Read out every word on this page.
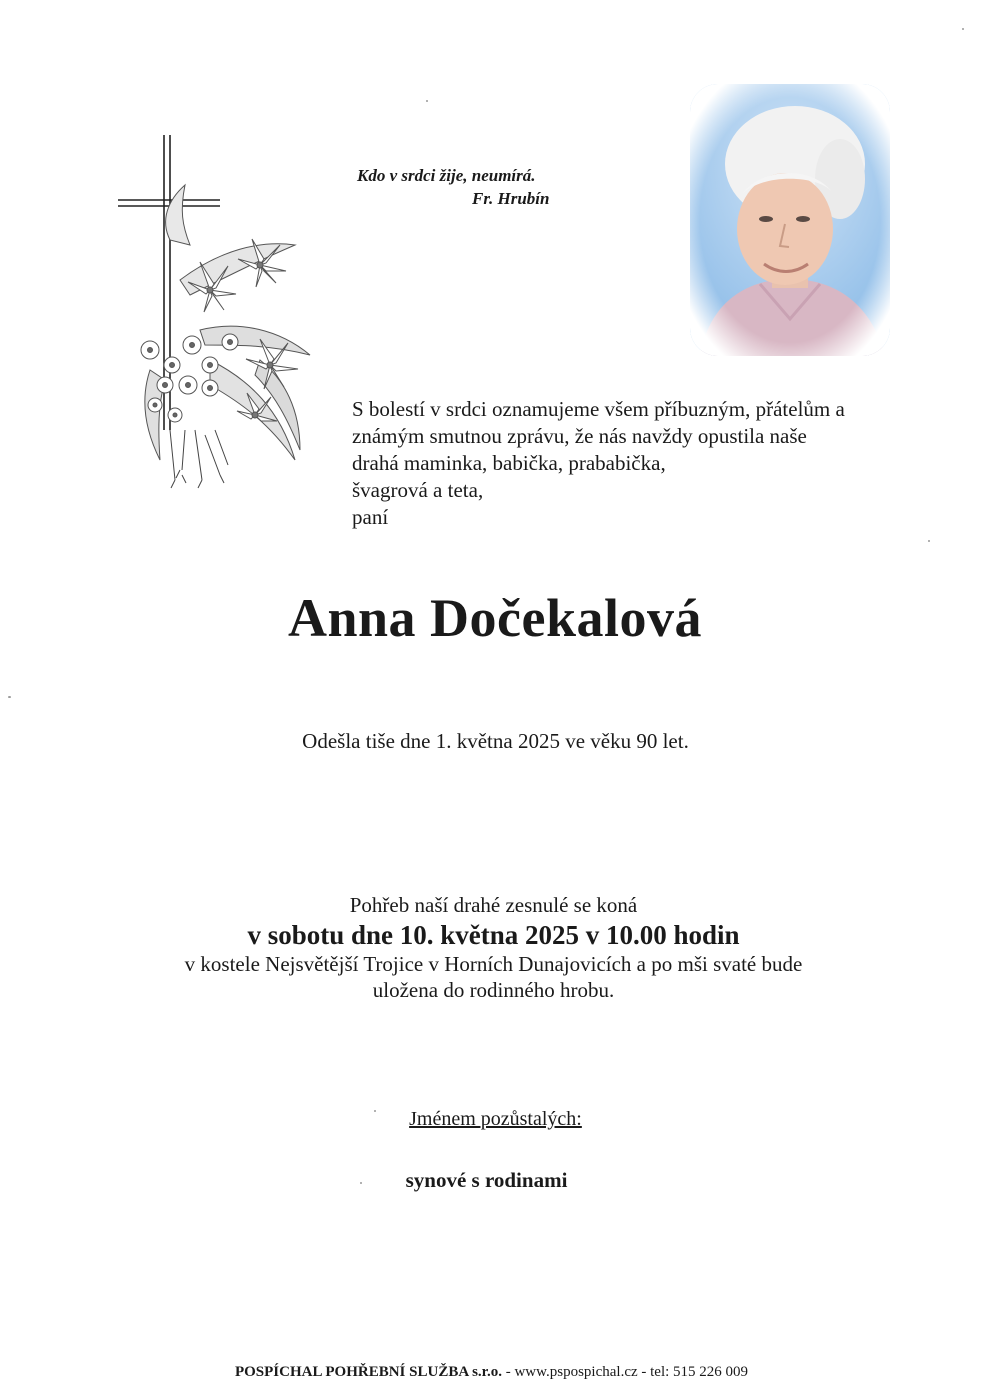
Kdo v srdci žije, neumírá.
Fr. Hrubín
S bolestí v srdci oznamujeme všem příbuzným, přátelům a
známým smutnou zprávu, že nás navždy opustila naše
drahá maminka, babička, prababička,
švagrová a teta,
paní
Anna Dočekalová
Odešla tiše dne 1. května 2025 ve věku 90 let.
Pohřeb naší drahé zesnulé se koná
v sobotu dne 10. května 2025 v 10.00 hodin
v kostele Nejsvětější Trojice v Horních Dunajovicích a po mši svaté bude
uložena do rodinného hrobu.
Jménem pozůstalých:
synové s rodinami
POSPÍCHAL POHŘEBNÍ SLUŽBA s.r.o. - www.pspospichal.cz - tel: 515 226 009
